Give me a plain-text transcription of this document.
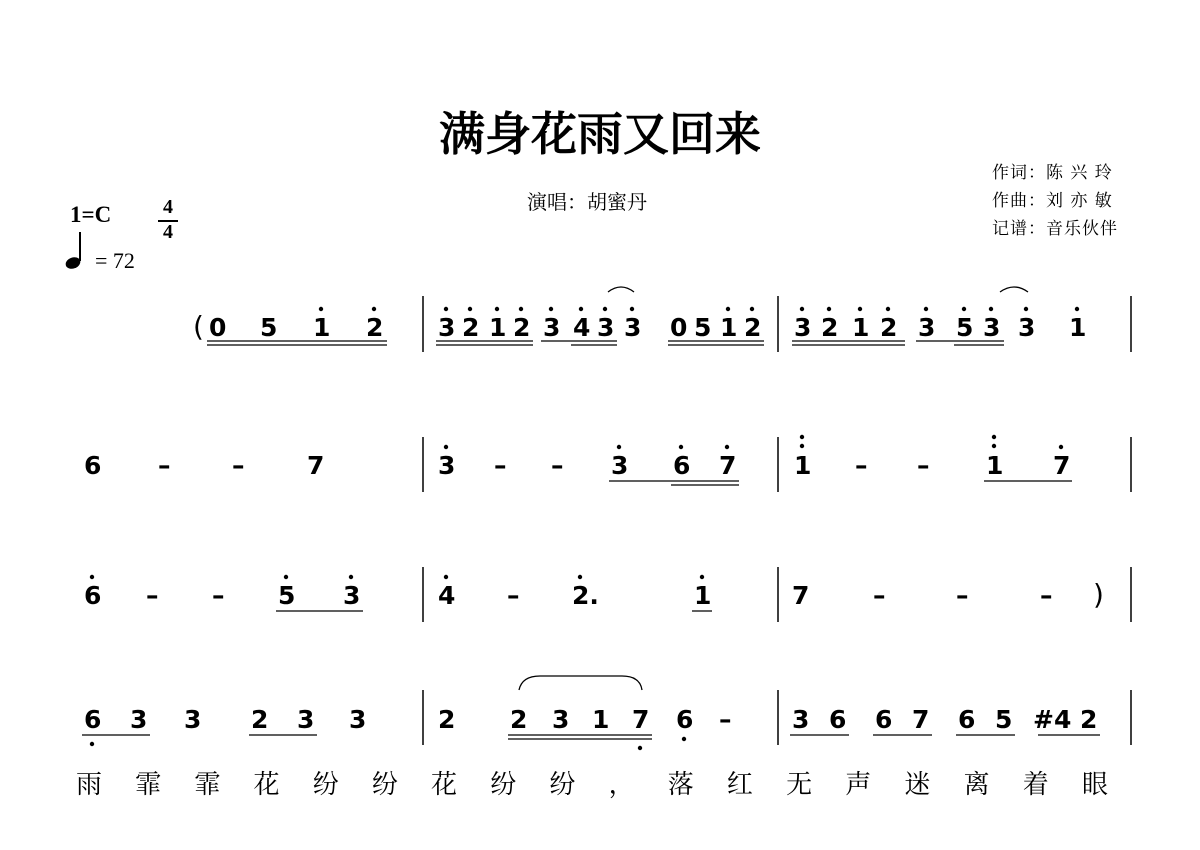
满身花雨又回来
演唱：胡蜜丹
作词：陈 兴 玲
作曲：刘 亦 敏
记谱：音乐伙伴
1=C	4
4
= 72
(
)
0 5 1 2 3 2 1 2 3 4 3 3 0 5 1 2 3 2 1 2 3 5 3 3 1
6 – –	7	3 – – 3 6 7 1 – – 1 7
6 – – 5 3	4 – 2.	1	7	–	–	–
6 3 3 2 3 3	2 2 3 1 7 6 – 3 6 6 7 6 5 #4 2
雨霏霏花纷纷花纷纷，落红无声迷离着眼
